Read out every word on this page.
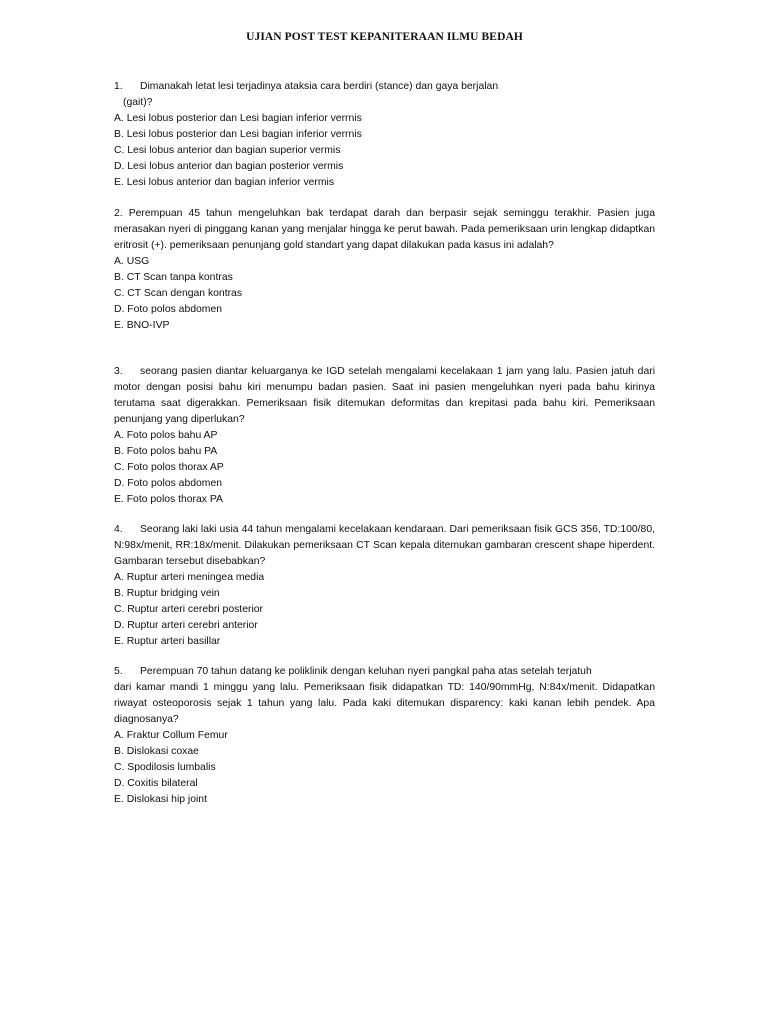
UJIAN POST TEST KEPANITERAAN ILMU BEDAH

1. Dimanakah letat lesi terjadinya ataksia cara berdiri (stance) dan gaya berjalan

(gait)?

A. Lesi lobus posterior dan Lesi bagian inferior verrnis

B. Lesi lobus posterior dan Lesi bagian inferior verrnis

C. Lesi lobus anterior dan bagian superior vermis

D. Lesi lobus anterior dan bagian posterior vermis

E. Lesi lobus anterior dan bagian inferior vermis

2. Perempuan 45 tahun mengeluhkan bak terdapat darah dan berpasir sejak seminggu terakhir. Pasien juga merasakan nyeri di pinggang kanan yang menjalar hingga ke perut bawah. Pada pemeriksaan urin lengkap didaptkan eritrosit (+). pemeriksaan penunjang gold standart yang dapat dilakukan pada kasus ini adalah?

A. USG

B. CT Scan tanpa kontras

C. CT Scan dengan kontras

D. Foto polos abdomen

E. BNO-IVP

3. seorang pasien diantar keluarganya ke IGD setelah mengalami kecelakaan 1 jam yang lalu. Pasien jatuh dari motor dengan posisi bahu kiri menumpu badan pasien. Saat ini pasien mengeluhkan nyeri pada bahu kirinya terutama saat digerakkan. Pemeriksaan fisik ditemukan deformitas dan krepitasi pada bahu kiri. Pemeriksaan penunjang yang diperlukan?

A. Foto polos bahu AP

B. Foto polos bahu PA

C. Foto polos thorax AP

D. Foto polos abdomen

E. Foto polos thorax PA

4. Seorang laki laki usia 44 tahun mengalami kecelakaan kendaraan. Dari pemeriksaan fisik GCS 356, TD:100/80, N:98x/menit, RR:18x/menit. Dilakukan pemeriksaan CT Scan kepala ditemukan gambaran crescent shape hiperdent. Gambaran tersebut disebabkan?

A. Ruptur arteri meningea media

B. Ruptur bridging vein

C. Ruptur arteri cerebri posterior

D. Ruptur arteri cerebri anterior

E. Ruptur arteri basillar

5. Perempuan 70 tahun datang ke poliklinik dengan keluhan nyeri pangkal paha atas setelah terjatuh

dari kamar mandi 1 minggu yang lalu. Pemeriksaan fisik didapatkan TD: 140/90mmHg, N:84x/menit. Didapatkan riwayat osteoporosis sejak 1 tahun yang lalu. Pada kaki ditemukan disparency: kaki kanan lebih pendek. Apa diagnosanya?

A. Fraktur Collum Femur

B. Dislokasi coxae

C. Spodilosis lumbalis

D. Coxitis bilateral

E. Dislokasi hip joint
